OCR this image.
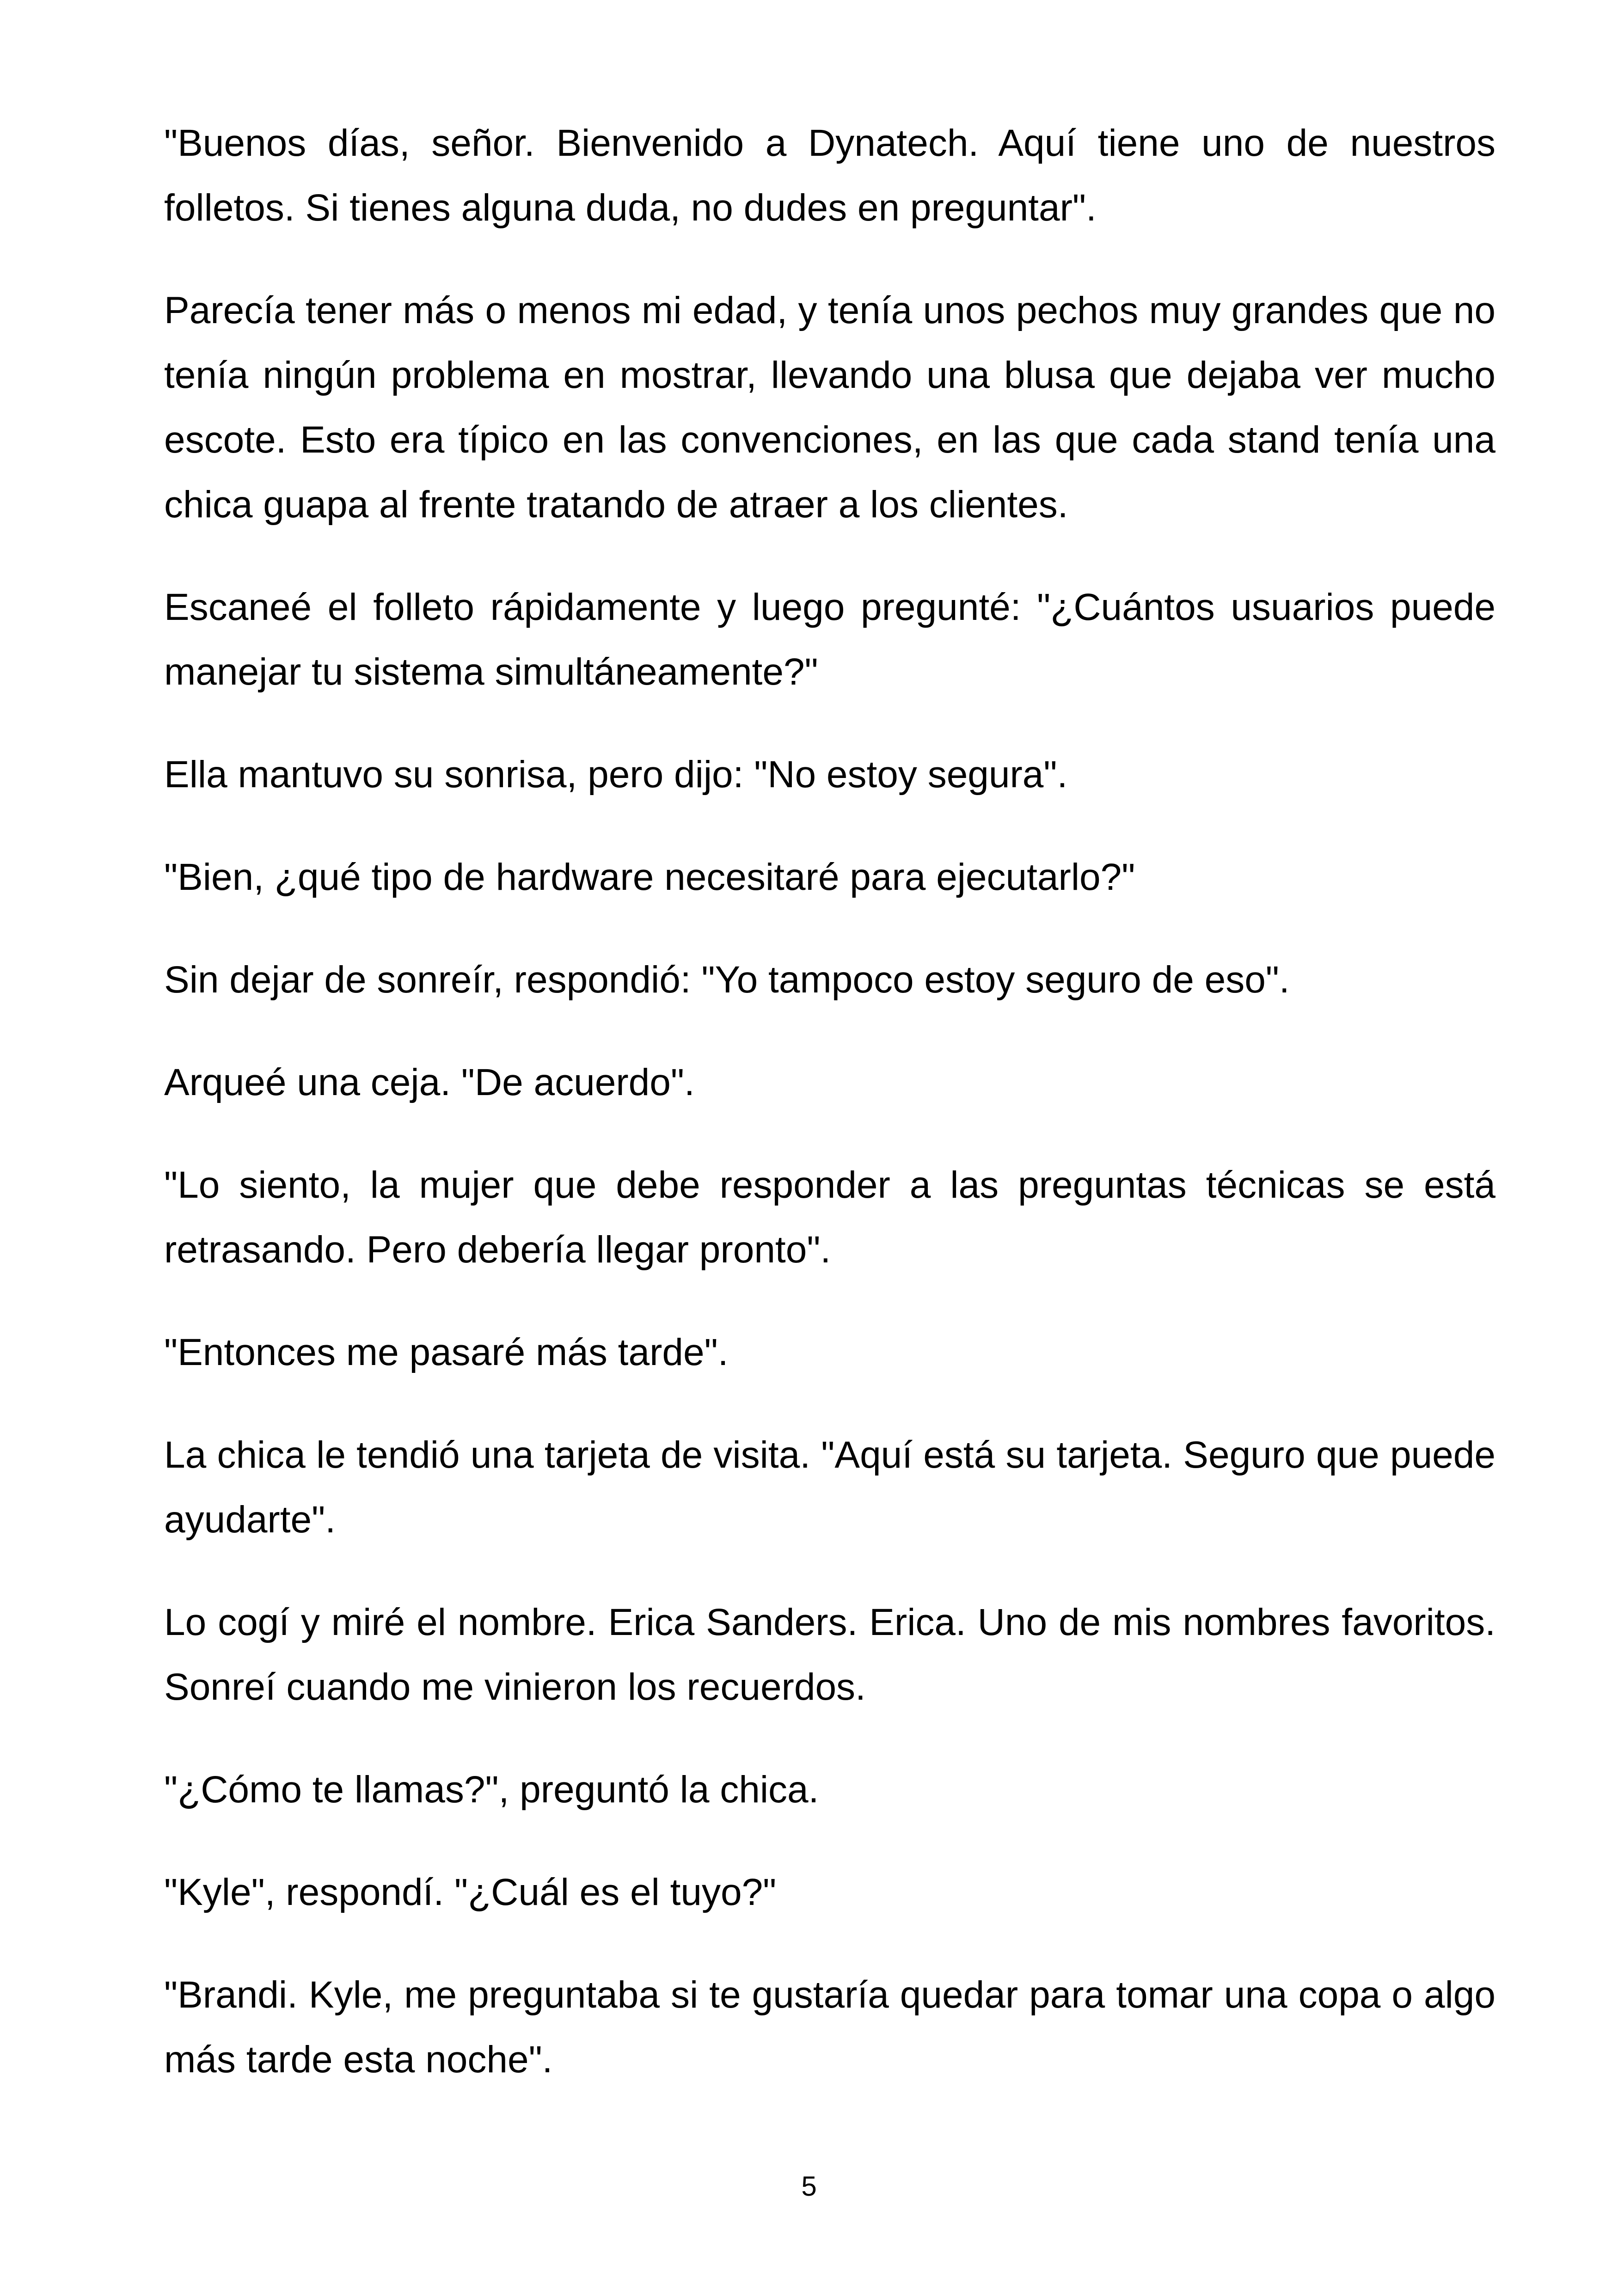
"Buenos días, señor. Bienvenido a Dynatech. Aquí tiene uno de nuestros folletos. Si tienes alguna duda, no dudes en preguntar".

Parecía tener más o menos mi edad, y tenía unos pechos muy grandes que no tenía ningún problema en mostrar, llevando una blusa que dejaba ver mucho escote. Esto era típico en las convenciones, en las que cada stand tenía una chica guapa al frente tratando de atraer a los clientes.

Escaneé el folleto rápidamente y luego pregunté: "¿Cuántos usuarios puede manejar tu sistema simultáneamente?"

Ella mantuvo su sonrisa, pero dijo: "No estoy segura".

"Bien, ¿qué tipo de hardware necesitaré para ejecutarlo?"

Sin dejar de sonreír, respondió: "Yo tampoco estoy seguro de eso".

Arqueé una ceja. "De acuerdo".

"Lo siento, la mujer que debe responder a las preguntas técnicas se está retrasando. Pero debería llegar pronto".

"Entonces me pasaré más tarde".

La chica le tendió una tarjeta de visita. "Aquí está su tarjeta. Seguro que puede ayudarte".

Lo cogí y miré el nombre. Erica Sanders. Erica. Uno de mis nombres favoritos. Sonreí cuando me vinieron los recuerdos.

"¿Cómo te llamas?", preguntó la chica.

"Kyle", respondí. "¿Cuál es el tuyo?"

"Brandi. Kyle, me preguntaba si te gustaría quedar para tomar una copa o algo más tarde esta noche".

5
